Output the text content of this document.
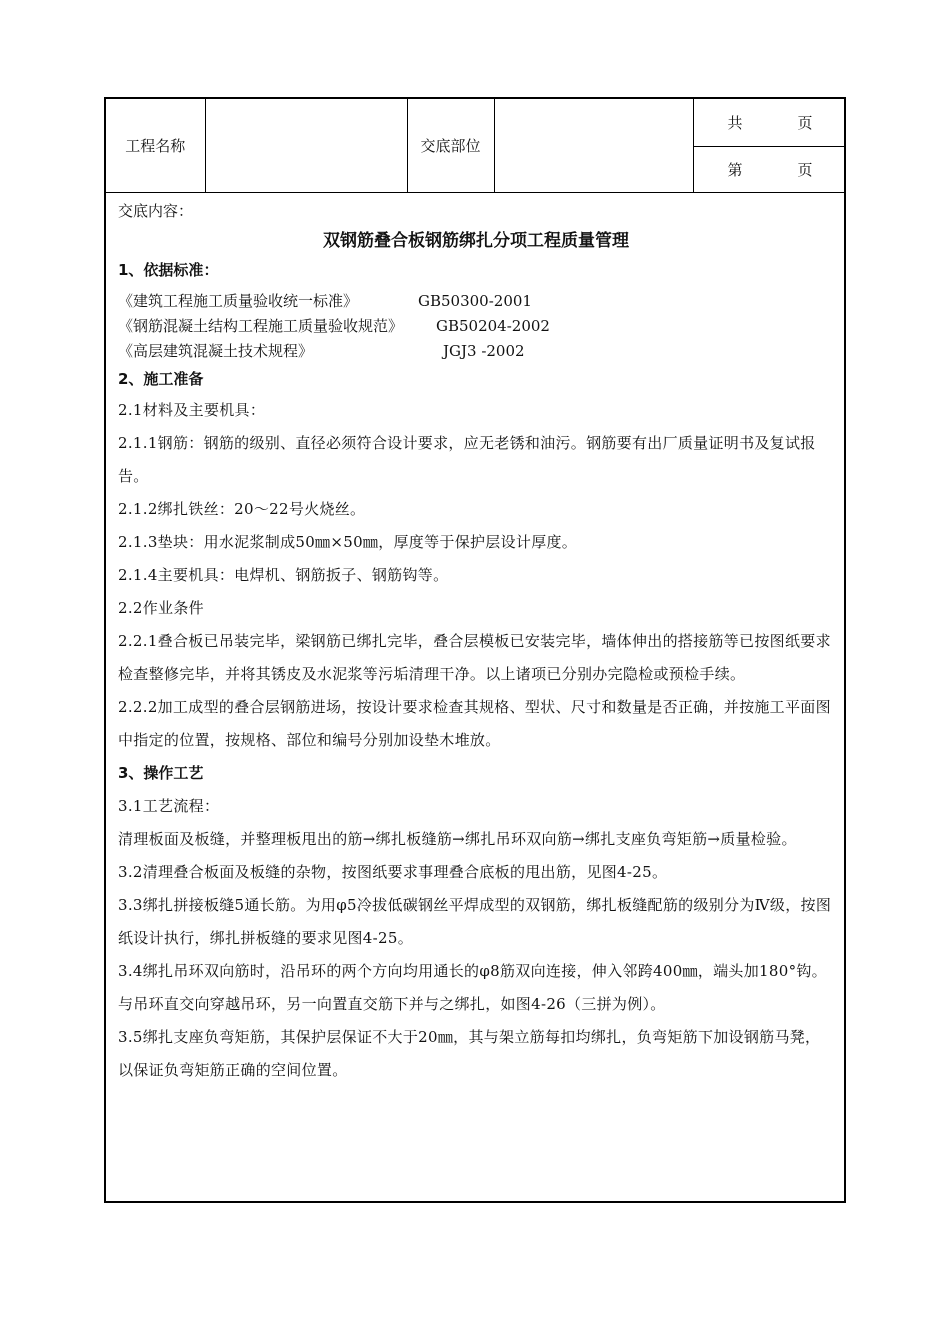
工程名称		交底部位		共	页
第	页

交底内容：

双钢筋叠合板钢筋绑扎分项工程质量管理

1、依据标准：

《建筑工程施工质量验收统一标准》	GB50300-2001

《钢筋混凝土结构工程施工质量验收规范》 GB50204-2002

《高层建筑混凝土技术规程》	JGJ3 -2002

2、施工准备

2.1材料及主要机具：

2.1.1钢筋：钢筋的级别、直径必须符合设计要求，应无老锈和油污。钢筋要有出厂质量证明书及复试报告。

2.1.2绑扎铁丝：20～22号火烧丝。

2.1.3垫块：用水泥浆制成50㎜×50㎜，厚度等于保护层设计厚度。

2.1.4主要机具：电焊机、钢筋扳子、钢筋钩等。

2.2作业条件

2.2.1叠合板已吊装完毕，梁钢筋已绑扎完毕，叠合层模板已安装完毕，墙体伸出的搭接筋等已按图纸要求检查整修完毕，并将其锈皮及水泥浆等污垢清理干净。以上诸项已分别办完隐检或预检手续。

2.2.2加工成型的叠合层钢筋进场，按设计要求检查其规格、型状、尺寸和数量是否正确，并按施工平面图中指定的位置，按规格、部位和编号分别加设垫木堆放。

3、操作工艺

3.1工艺流程：

清理板面及板缝，并整理板甩出的筋→绑扎板缝筋→绑扎吊环双向筋→绑扎支座负弯矩筋→质量检验。

3.2清理叠合板面及板缝的杂物，按图纸要求事理叠合底板的甩出筋，见图4-25。

3.3绑扎拼接板缝5通长筋。为用φ5冷拔低碳钢丝平焊成型的双钢筋，绑扎板缝配筋的级别分为Ⅳ级，按图纸设计执行，绑扎拼板缝的要求见图4-25。

3.4绑扎吊环双向筋时，沿吊环的两个方向均用通长的φ8筋双向连接，伸入邻跨400㎜，端头加180°钩。与吊环直交向穿越吊环，另一向置直交筋下并与之绑扎，如图4-26（三拼为例）。

3.5绑扎支座负弯矩筋，其保护层保证不大于20㎜，其与架立筋每扣均绑扎，负弯矩筋下加设钢筋马凳，以保证负弯矩筋正确的空间位置。
